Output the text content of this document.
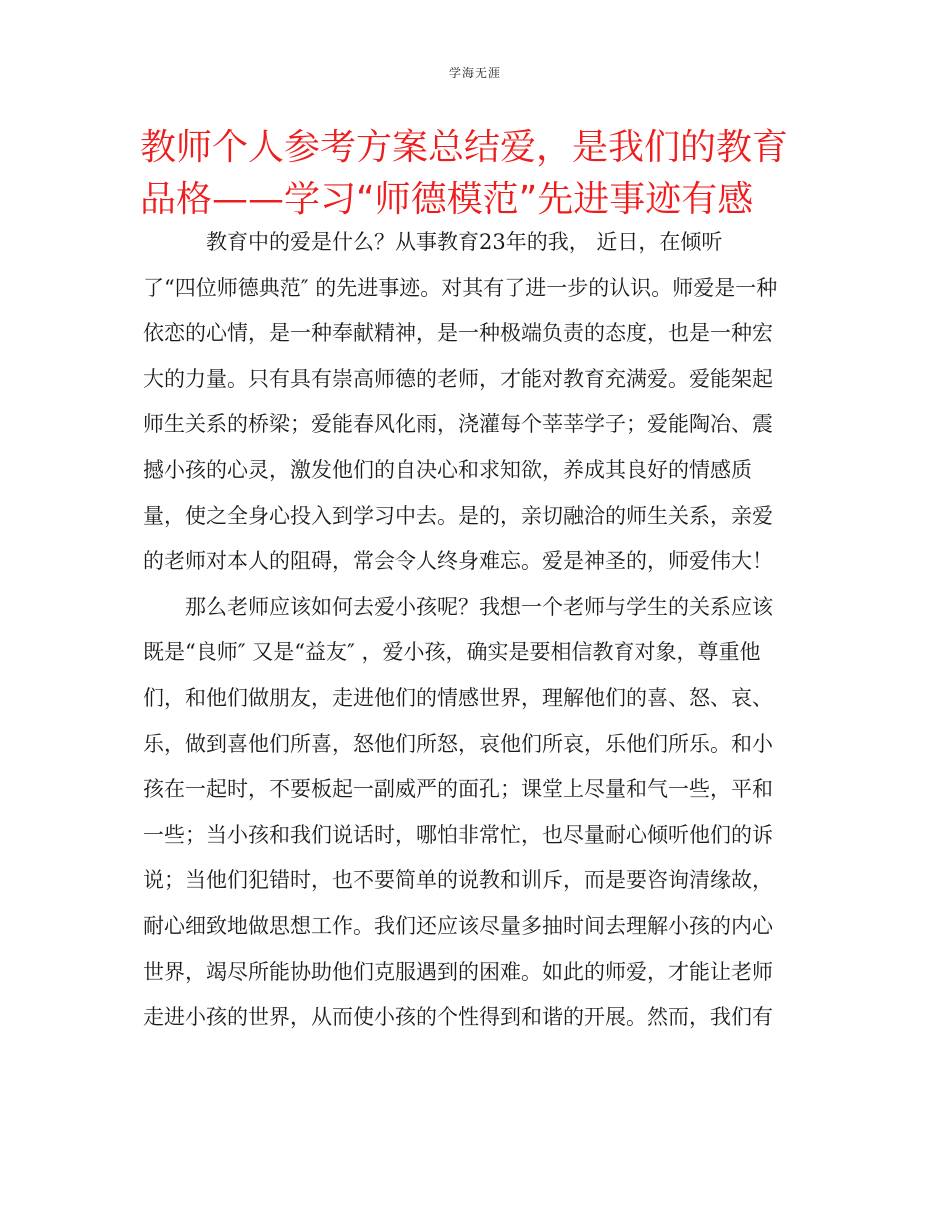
学海无涯
教师个人参考方案总结爱，是我们的教育
品格——学习“师德模范”先进事迹有感
　　　教育中的爱是什么？从事教育23年的我， 近日，在倾听
了“四位师德典范″ 的先进事迹。对其有了进一步的认识。师爱是一种
依恋的心情，是一种奉献精神，是一种极端负责的态度，也是一种宏
大的力量。只有具有崇高师德的老师，才能对教育充满爱。爱能架起
师生关系的桥梁；爱能春风化雨，浇灌每个莘莘学子；爱能陶冶、震
撼小孩的心灵，激发他们的自决心和求知欲，养成其良好的情感质
量，使之全身心投入到学习中去。是的，亲切融洽的师生关系，亲爱
的老师对本人的阻碍，常会令人终身难忘。爱是神圣的，师爱伟大！
　　那么老师应该如何去爱小孩呢？我想一个老师与学生的关系应该
既是“良师″ 又是“益友″ ，爱小孩，确实是要相信教育对象，尊重他
们，和他们做朋友，走进他们的情感世界，理解他们的喜、怒、哀、
乐，做到喜他们所喜，怒他们所怒，哀他们所哀，乐他们所乐。和小
孩在一起时，不要板起一副威严的面孔；课堂上尽量和气一些，平和
一些；当小孩和我们说话时，哪怕非常忙，也尽量耐心倾听他们的诉
说；当他们犯错时，也不要简单的说教和训斥，而是要咨询清缘故，
耐心细致地做思想工作。我们还应该尽量多抽时间去理解小孩的内心
世界，竭尽所能协助他们克服遇到的困难。如此的师爱，才能让老师
走进小孩的世界，从而使小孩的个性得到和谐的开展。然而，我们有
